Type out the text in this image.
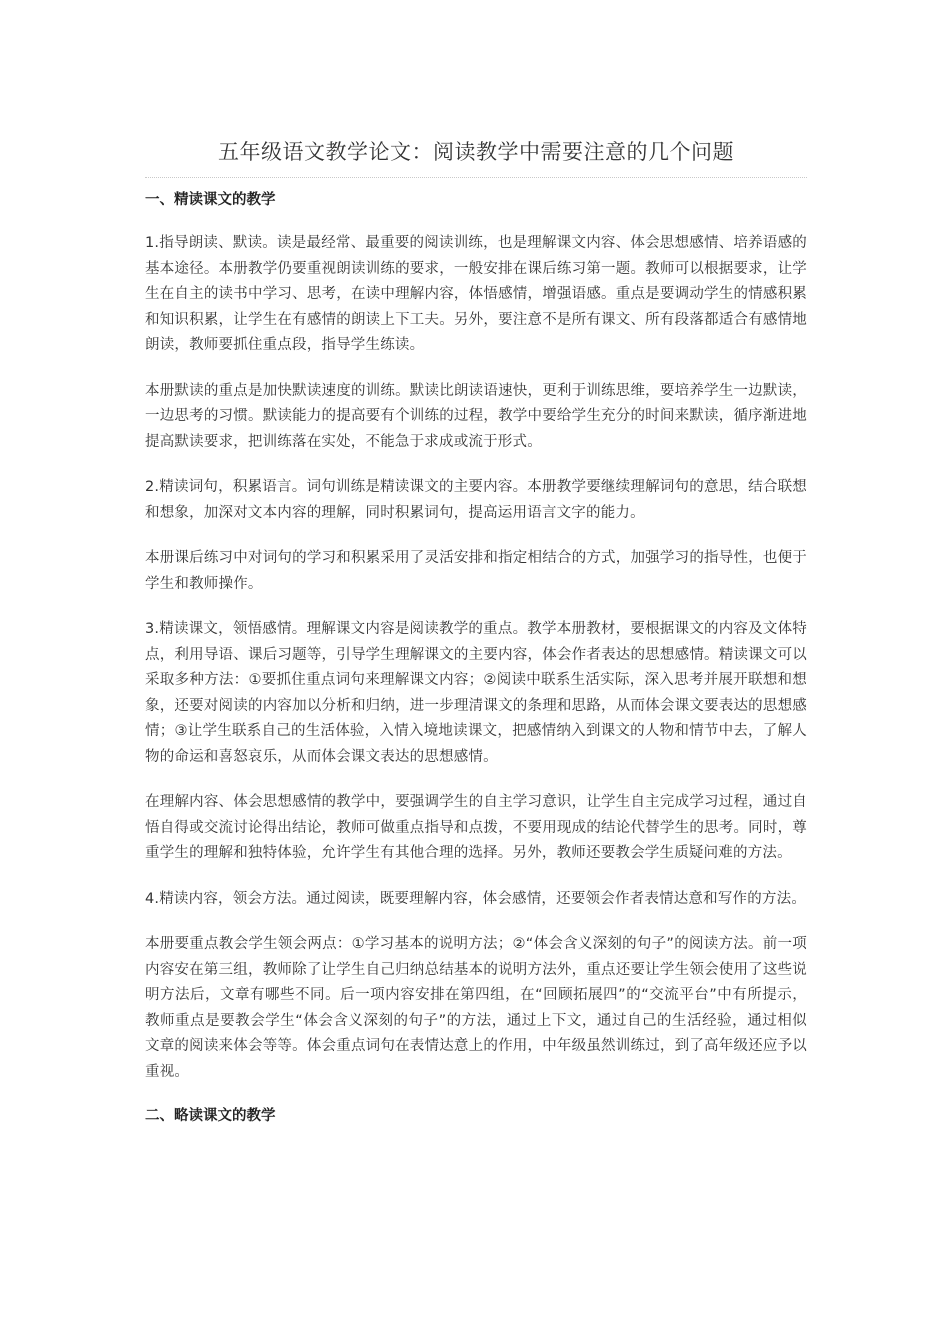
五年级语文教学论文：阅读教学中需要注意的几个问题
一、精读课文的教学

1.指导朗读、默读。读是最经常、最重要的阅读训练，也是理解课文内容、体会思想感情、培养语感的基本途径。本册教学仍要重视朗读训练的要求，一般安排在课后练习第一题。教师可以根据要求，让学生在自主的读书中学习、思考，在读中理解内容，体悟感情，增强语感。重点是要调动学生的情感积累和知识积累，让学生在有感情的朗读上下工夫。另外，要注意不是所有课文、所有段落都适合有感情地朗读，教师要抓住重点段，指导学生练读。

本册默读的重点是加快默读速度的训练。默读比朗读语速快，更利于训练思维，要培养学生一边默读，一边思考的习惯。默读能力的提高要有个训练的过程，教学中要给学生充分的时间来默读，循序渐进地提高默读要求，把训练落在实处，不能急于求成或流于形式。

2.精读词句，积累语言。词句训练是精读课文的主要内容。本册教学要继续理解词句的意思，结合联想和想象，加深对文本内容的理解，同时积累词句，提高运用语言文字的能力。

本册课后练习中对词句的学习和积累采用了灵活安排和指定相结合的方式，加强学习的指导性，也便于学生和教师操作。

3.精读课文，领悟感情。理解课文内容是阅读教学的重点。教学本册教材，要根据课文的内容及文体特点，利用导语、课后习题等，引导学生理解课文的主要内容，体会作者表达的思想感情。精读课文可以采取多种方法：①要抓住重点词句来理解课文内容；②阅读中联系生活实际，深入思考并展开联想和想象，还要对阅读的内容加以分析和归纳，进一步理清课文的条理和思路，从而体会课文要表达的思想感情；③让学生联系自己的生活体验，入情入境地读课文，把感情纳入到课文的人物和情节中去，了解人物的命运和喜怒哀乐，从而体会课文表达的思想感情。

在理解内容、体会思想感情的教学中，要强调学生的自主学习意识，让学生自主完成学习过程，通过自悟自得或交流讨论得出结论，教师可做重点指导和点拨，不要用现成的结论代替学生的思考。同时，尊重学生的理解和独特体验，允许学生有其他合理的选择。另外，教师还要教会学生质疑问难的方法。

4.精读内容，领会方法。通过阅读，既要理解内容，体会感情，还要领会作者表情达意和写作的方法。

本册要重点教会学生领会两点：①学习基本的说明方法；②“体会含义深刻的句子”的阅读方法。前一项内容安在第三组，教师除了让学生自己归纳总结基本的说明方法外，重点还要让学生领会使用了这些说明方法后，文章有哪些不同。后一项内容安排在第四组，在“回顾拓展四”的“交流平台”中有所提示，教师重点是要教会学生“体会含义深刻的句子”的方法，通过上下文，通过自己的生活经验，通过相似文章的阅读来体会等等。体会重点词句在表情达意上的作用，中年级虽然训练过，到了高年级还应予以重视。

二、略读课文的教学
